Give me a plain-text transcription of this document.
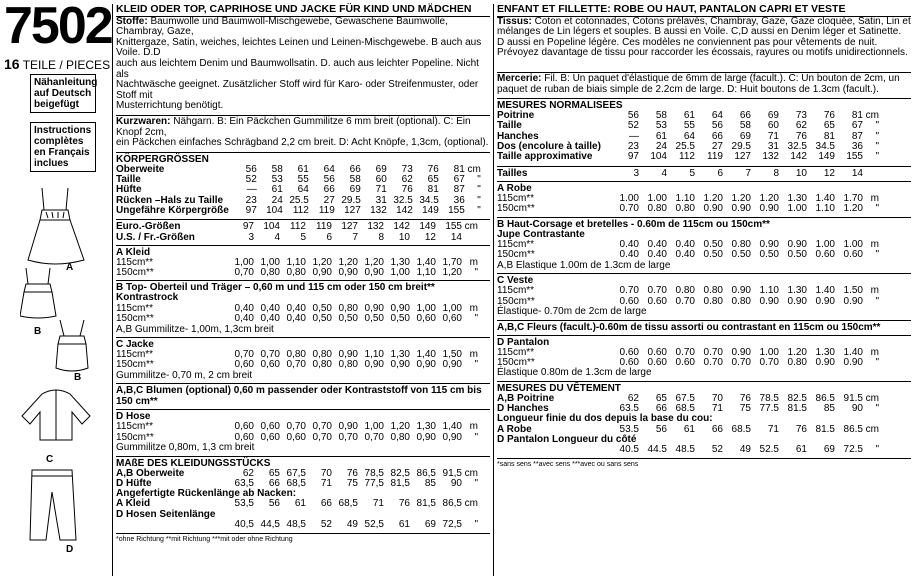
7502
16 TEILE / PIECES
Nähanleitung
auf Deutsch
beigefügt
Instructions
complètes
en Français
inclues
A
B
B
C
D
KLEID ODER TOP, CAPRIHOSE UND JACKE FÜR KIND UND MÄDCHEN
Stoffe: Baumwolle und Baumwoll-Mischgewebe, Gewaschene Baumwolle, Chambray, Gaze,
Knittergaze, Satin, weiches, leichtes Leinen und Leinen-Mischgewebe. B auch aus Voile. D.D
auch aus leichtem Denim und Baumwollsatin. D. auch aus leichter Popeline. Nicht als
Nachtwäsche geeignet. Zusätzlicher Stoff wird für Karo- oder Streifenmuster, oder Stoff mit
Musterrichtung benötigt.
Kurzwaren: Nähgarn. B: Ein Päckchen Gummilitze 6 mm breit (optional). C: Ein Knopf 2cm,
ein Päckchen einfaches Schrägband 2,2 cm breit. D: Acht Knöpfe, 1,3cm, (optional).
KÖRPERGRÖSSEN
Oberweite	56	58	61	64	66	69	73	76	81	cm
Taille	52	53	55	56	58	60	62	65	67	"
Hüfte	—	61	64	66	69	71	76	81	87	"
Rücken –Hals zu Taille	23	24	25.5	27	29.5	31	32.5	34.5	36	"
Ungefähre Körpergröße	97	104	112	119	127	132	142	149	155	"
Euro.-Größen	97	104	112	119	127	132	142	149	155	cm
U.S. / Fr.-Größen	3	4	5	6	7	8	10	12	14	
A Kleid
115cm**	1,00	1,00	1,10	1,20	1,20	1,20	1,30	1,40	1,70	m
150cm**	0,70	0,80	0,80	0,90	0,90	0,90	1,00	1,10	1,20	"
B Top- Oberteil und Träger – 0,60 m und 115 cm oder 150 cm breit**
Kontrastrock
115cm**	0,40	0,40	0,40	0,50	0,80	0,90	0,90	1,00	1,00	m
150cm**	0,40	0,40	0,40	0,50	0,50	0,50	0,50	0,60	0,60	"
A,B Gummilitze- 1,00m, 1,3cm breit
C Jacke
115cm**	0,70	0,70	0,80	0,80	0,90	1,10	1,30	1,40	1,50	m
150cm**	0,60	0,60	0,70	0,80	0,80	0,90	0,90	0,90	0,90	"
Gummilitze- 0,70 m, 2 cm breit
A,B,C Blumen (optional) 0,60 m passender oder Kontraststoff von 115 cm bis 150 cm**
D Hose
115cm**	0,60	0,60	0,70	0,70	0,90	1,00	1,20	1,30	1,40	m
150cm**	0,60	0,60	0,60	0,70	0,70	0,70	0,80	0,90	0,90	"
Gummilitze 0,80m, 1,3 cm breit
MAßE DES KLEIDUNGSSTÜCKS
A,B Oberweite	62	65	67,5	70	76	78,5	82,5	86,5	91,5	cm
D Hüfte	63,5	66	68,5	71	75	77,5	81,5	85	90	"
Angefertigte Rückenlänge ab Nacken:										
A Kleid	53,5	56	61	66	68,5	71	76	81,5	86,5	cm
D Hosen Seitenlänge										
	40,5	44,5	48,5	52	49	52,5	61	69	72,5	"
*ohne Richtung **mit Richtung ***mit oder ohne Richtung
ENFANT ET FILLETTE: ROBE OU HAUT, PANTALON CAPRI ET VESTE
Tissus: Coton et cotonnades, Cotons prélavés, Chambray, Gaze, Gaze cloquée, Satin, Lin et
mélanges de Lin légers et souples. B aussi en Voile. C,D aussi en Denim léger et Satinette.
D aussi en Popeline légère. Ces modèles ne conviennent pas pour vêtements de nuit.
Prévoyez davantage de tissu pour raccorder les écossais, rayures ou motifs unidirectionnels.
Mercerie: Fil. B: Un paquet d'élastique de 6mm de large (facult.). C: Un bouton de 2cm, un
paquet de ruban de biais simple de 2.2cm de large. D: Huit boutons de 1.3cm (facult.).
MESURES NORMALISEES
Poitrine	56	58	61	64	66	69	73	76	81	cm
Taille	52	53	55	56	58	60	62	65	67	"
Hanches	—	61	64	66	69	71	76	81	87	"
Dos (encolure à taille)	23	24	25.5	27	29.5	31	32.5	34.5	36	"
Taille approximative	97	104	112	119	127	132	142	149	155	"
Tailles	3	4	5	6	7	8	10	12	14	
A Robe
115cm**	1.00	1.00	1.10	1.20	1.20	1.20	1.30	1.40	1.70	m
150cm**	0.70	0.80	0.80	0.90	0.90	0.90	1.00	1.10	1.20	"
B Haut-Corsage et bretelles - 0.60m de 115cm ou 150cm**
Jupe Contrastante
115cm**	0.40	0.40	0.40	0.50	0.80	0.90	0.90	1.00	1.00	m
150cm**	0.40	0.40	0.40	0.50	0.50	0.50	0.50	0.60	0.60	"
A,B Elastique 1.00m de 1.3cm de large
C Veste
115cm**	0.70	0.70	0.80	0.80	0.90	1.10	1.30	1.40	1.50	m
150cm**	0.60	0.60	0.70	0.80	0.80	0.90	0.90	0.90	0.90	"
Élastique- 0.70m de 2cm de large
A,B,C Fleurs (facult.)-0.60m de tissu assorti ou contrastant en 115cm ou 150cm**
D Pantalon
115cm**	0.60	0.60	0.70	0.70	0.90	1.00	1.20	1.30	1.40	m
150cm**	0.60	0.60	0.60	0.70	0.70	0.70	0.80	0.90	0.90	"
Élastique 0.80m de 1.3cm de large
MESURES DU VÊTEMENT
A,B Poitrine	62	65	67.5	70	76	78.5	82.5	86.5	91.5	cm
D Hanches	63.5	66	68.5	71	75	77.5	81.5	85	90	"
Longueur finie du dos depuis la base du cou:										
A Robe	53.5	56	61	66	68.5	71	76	81.5	86.5	cm
D Pantalon Longueur du côté										
	40.5	44.5	48.5	52	49	52.5	61	69	72.5	"
*sans sens **avec sens ***avec ou sans sens
